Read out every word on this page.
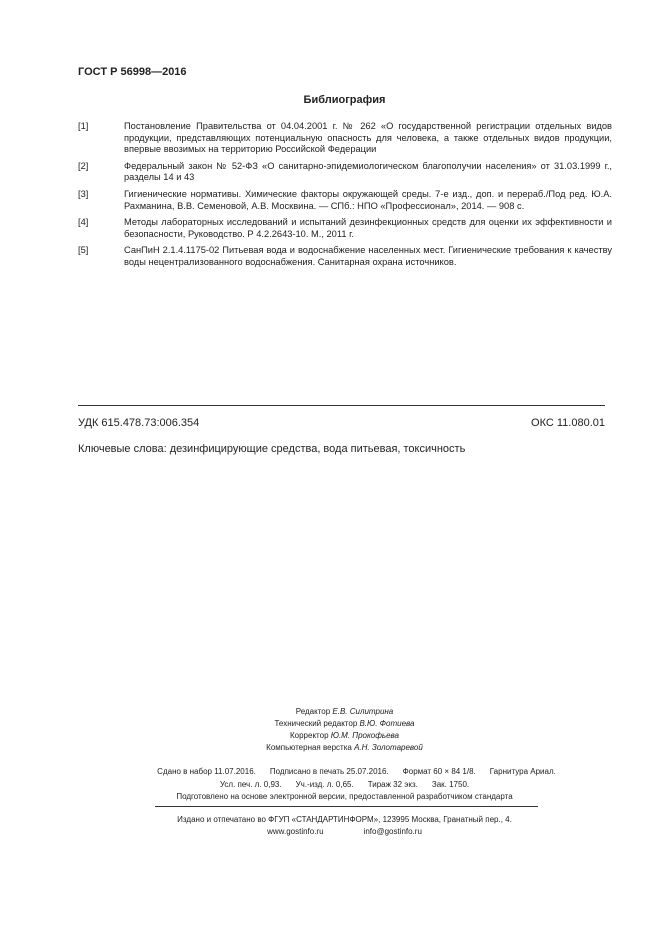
ГОСТ Р 56998—2016
Библиография
[1]	Постановление Правительства от 04.04.2001 г. № 262 «О государственной регистрации отдельных видов продукции, представляющих потенциальную опасность для человека, а также отдельных видов продукции, впервые ввозимых на территорию Российской Федерации
[2]	Федеральный закон № 52-ФЗ «О санитарно-эпидемиологическом благополучии населения» от 31.03.1999 г., разделы 14 и 43
[3]	Гигиенические нормативы. Химические факторы окружающей среды. 7-е изд., доп. и перераб./Под ред. Ю.А. Рахманина, В.В. Семеновой, А.В. Москвина. — СПб.: НПО «Профессионал», 2014. — 908 с.
[4]	Методы лабораторных исследований и испытаний дезинфекционных средств для оценки их эффективности и безопасности, Руководство. Р 4.2.2643-10. М., 2011 г.
[5]	СанПиН 2.1.4.1175-02 Питьевая вода и водоснабжение населенных мест. Гигиенические требования к качеству воды нецентрализованного водоснабжения. Санитарная охрана источников.
УДК 615.478.73:006.354	ОКС 11.080.01
Ключевые слова: дезинфицирующие средства, вода питьевая, токсичность
Редактор Е.В. Силитрина
Технический редактор В.Ю. Фотиева
Корректор Ю.М. Прокофьева
Компьютерная верстка А.Н. Золотаревой
Сдано в набор 11.07.2016. Подписано в печать 25.07.2016. Формат 60 × 84 1/8. Гарнитура Ариал.
Усл. печ. л. 0,93. Уч.-изд. л. 0,65. Тираж 32 экз. Зак. 1750.
Подготовлено на основе электронной версии, предоставленной разработчиком стандарта
Издано и отпечатано во ФГУП «СТАНДАРТИНФОРМ», 123995 Москва, Гранатный пер., 4.
www.gostinfo.ru	info@gostinfo.ru
